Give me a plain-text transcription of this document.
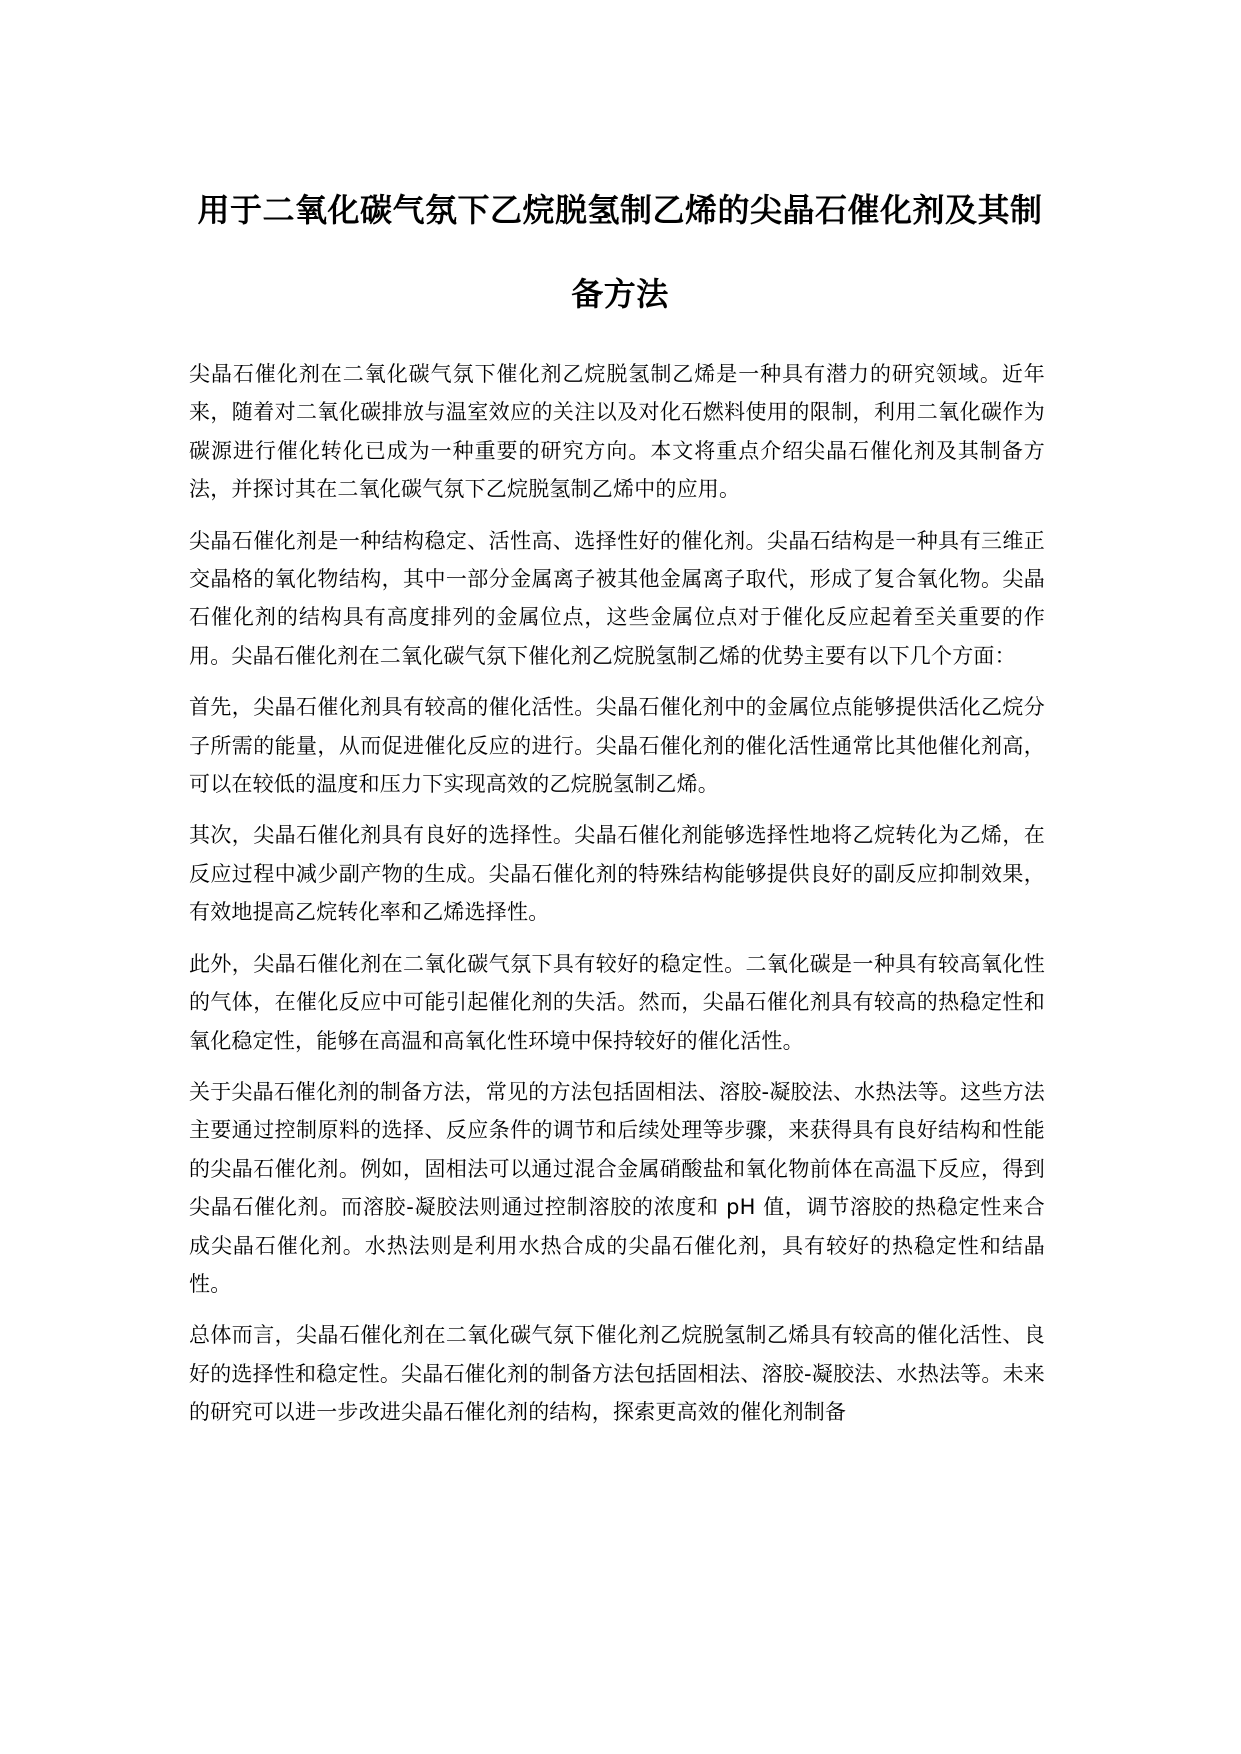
用于二氧化碳气氛下乙烷脱氢制乙烯的尖晶石催化剂及其制备方法

尖晶石催化剂在二氧化碳气氛下催化剂乙烷脱氢制乙烯是一种具有潜力的研究领域。近年来，随着对二氧化碳排放与温室效应的关注以及对化石燃料使用的限制，利用二氧化碳作为碳源进行催化转化已成为一种重要的研究方向。本文将重点介绍尖晶石催化剂及其制备方法，并探讨其在二氧化碳气氛下乙烷脱氢制乙烯中的应用。

尖晶石催化剂是一种结构稳定、活性高、选择性好的催化剂。尖晶石结构是一种具有三维正交晶格的氧化物结构，其中一部分金属离子被其他金属离子取代，形成了复合氧化物。尖晶石催化剂的结构具有高度排列的金属位点，这些金属位点对于催化反应起着至关重要的作用。尖晶石催化剂在二氧化碳气氛下催化剂乙烷脱氢制乙烯的优势主要有以下几个方面：

首先，尖晶石催化剂具有较高的催化活性。尖晶石催化剂中的金属位点能够提供活化乙烷分子所需的能量，从而促进催化反应的进行。尖晶石催化剂的催化活性通常比其他催化剂高，可以在较低的温度和压力下实现高效的乙烷脱氢制乙烯。

其次，尖晶石催化剂具有良好的选择性。尖晶石催化剂能够选择性地将乙烷转化为乙烯，在反应过程中减少副产物的生成。尖晶石催化剂的特殊结构能够提供良好的副反应抑制效果，有效地提高乙烷转化率和乙烯选择性。

此外，尖晶石催化剂在二氧化碳气氛下具有较好的稳定性。二氧化碳是一种具有较高氧化性的气体，在催化反应中可能引起催化剂的失活。然而，尖晶石催化剂具有较高的热稳定性和氧化稳定性，能够在高温和高氧化性环境中保持较好的催化活性。

关于尖晶石催化剂的制备方法，常见的方法包括固相法、溶胶-凝胶法、水热法等。这些方法主要通过控制原料的选择、反应条件的调节和后续处理等步骤，来获得具有良好结构和性能的尖晶石催化剂。例如，固相法可以通过混合金属硝酸盐和氧化物前体在高温下反应，得到尖晶石催化剂。而溶胶-凝胶法则通过控制溶胶的浓度和 pH 值，调节溶胶的热稳定性来合成尖晶石催化剂。水热法则是利用水热合成的尖晶石催化剂，具有较好的热稳定性和结晶性。

总体而言，尖晶石催化剂在二氧化碳气氛下催化剂乙烷脱氢制乙烯具有较高的催化活性、良好的选择性和稳定性。尖晶石催化剂的制备方法包括固相法、溶胶-凝胶法、水热法等。未来的研究可以进一步改进尖晶石催化剂的结构，探索更高效的催化剂制备
